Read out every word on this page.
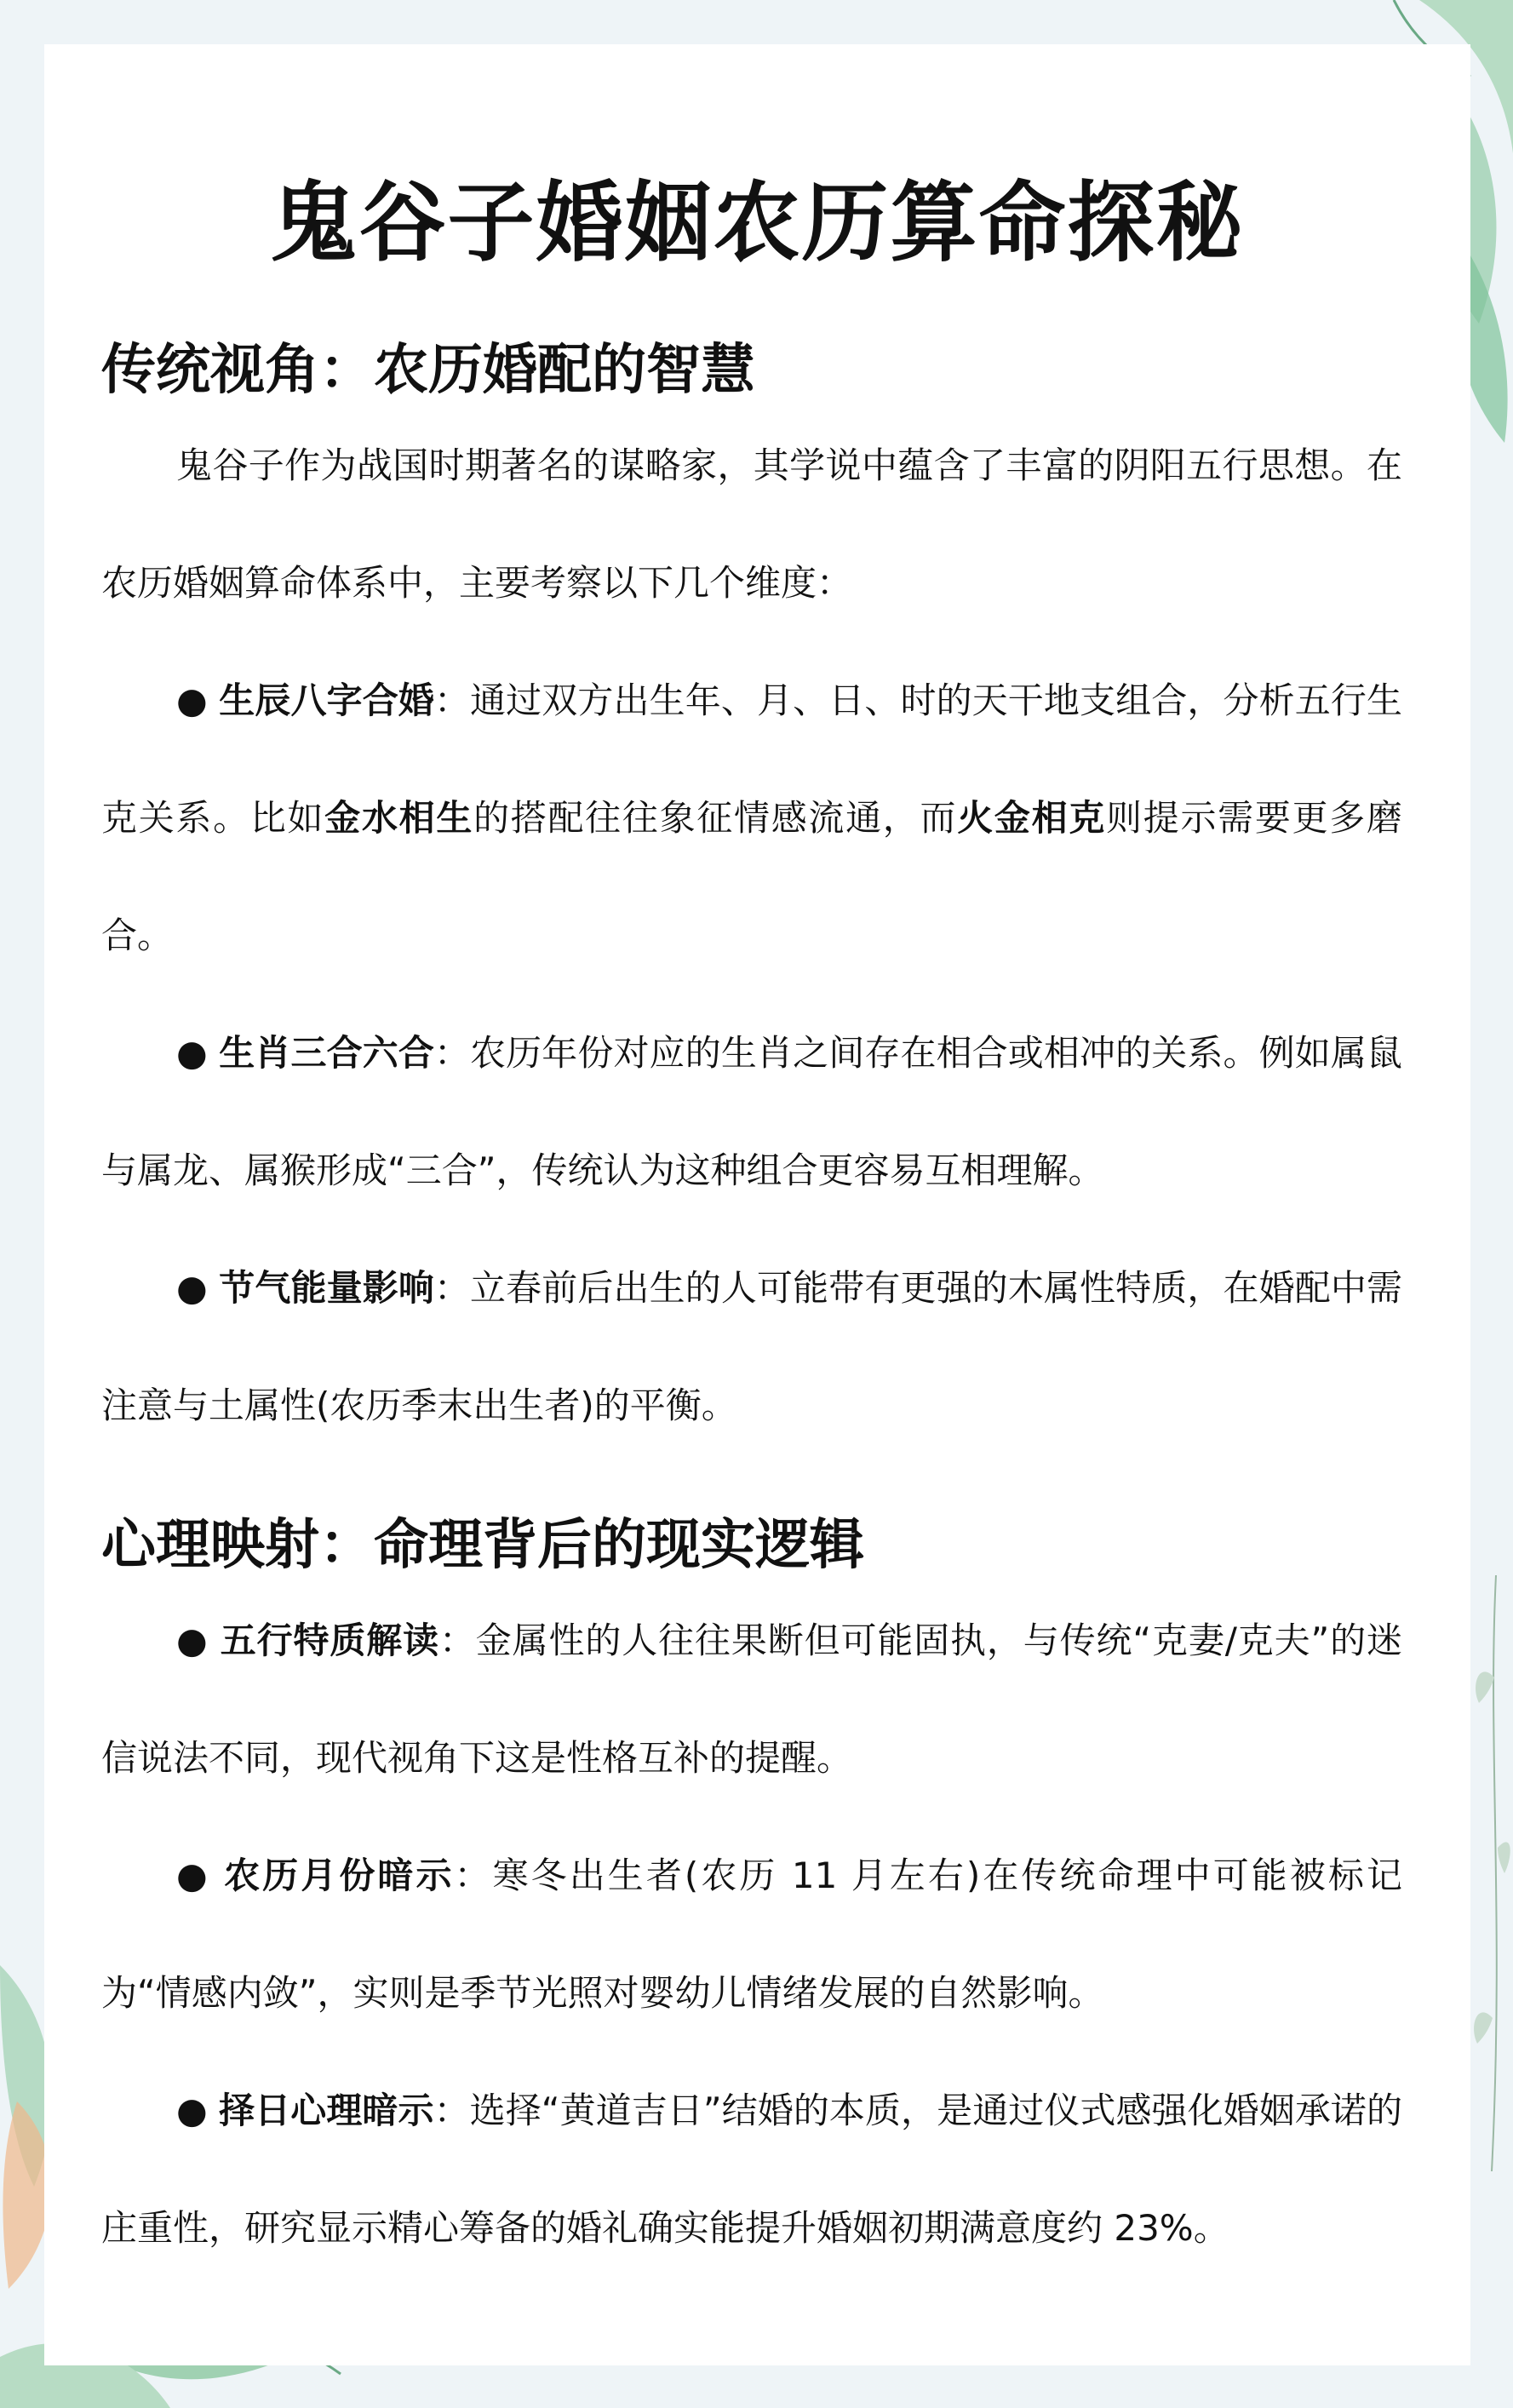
鬼谷子婚姻农历算命探秘
传统视角：农历婚配的智慧

鬼谷子作为战国时期著名的谋略家，其学说中蕴含了丰富的阴阳五行思想。在农历婚姻算命体系中，主要考察以下几个维度：

● 生辰八字合婚：通过双方出生年、月、日、时的天干地支组合，分析五行生克关系。比如金水相生的搭配往往象征情感流通，而火金相克则提示需要更多磨合。

● 生肖三合六合：农历年份对应的生肖之间存在相合或相冲的关系。例如属鼠与属龙、属猴形成“三合”，传统认为这种组合更容易互相理解。

● 节气能量影响：立春前后出生的人可能带有更强的木属性特质，在婚配中需注意与土属性(农历季末出生者)的平衡。

心理映射：命理背后的现实逻辑

● 五行特质解读：金属性的人往往果断但可能固执，与传统“克妻/克夫”的迷信说法不同，现代视角下这是性格互补的提醒。

● 农历月份暗示：寒冬出生者(农历 11 月左右)在传统命理中可能被标记为“情感内敛”，实则是季节光照对婴幼儿情绪发展的自然影响。

● 择日心理暗示：选择“黄道吉日”结婚的本质，是通过仪式感强化婚姻承诺的庄重性，研究显示精心筹备的婚礼确实能提升婚姻初期满意度约 23%。
